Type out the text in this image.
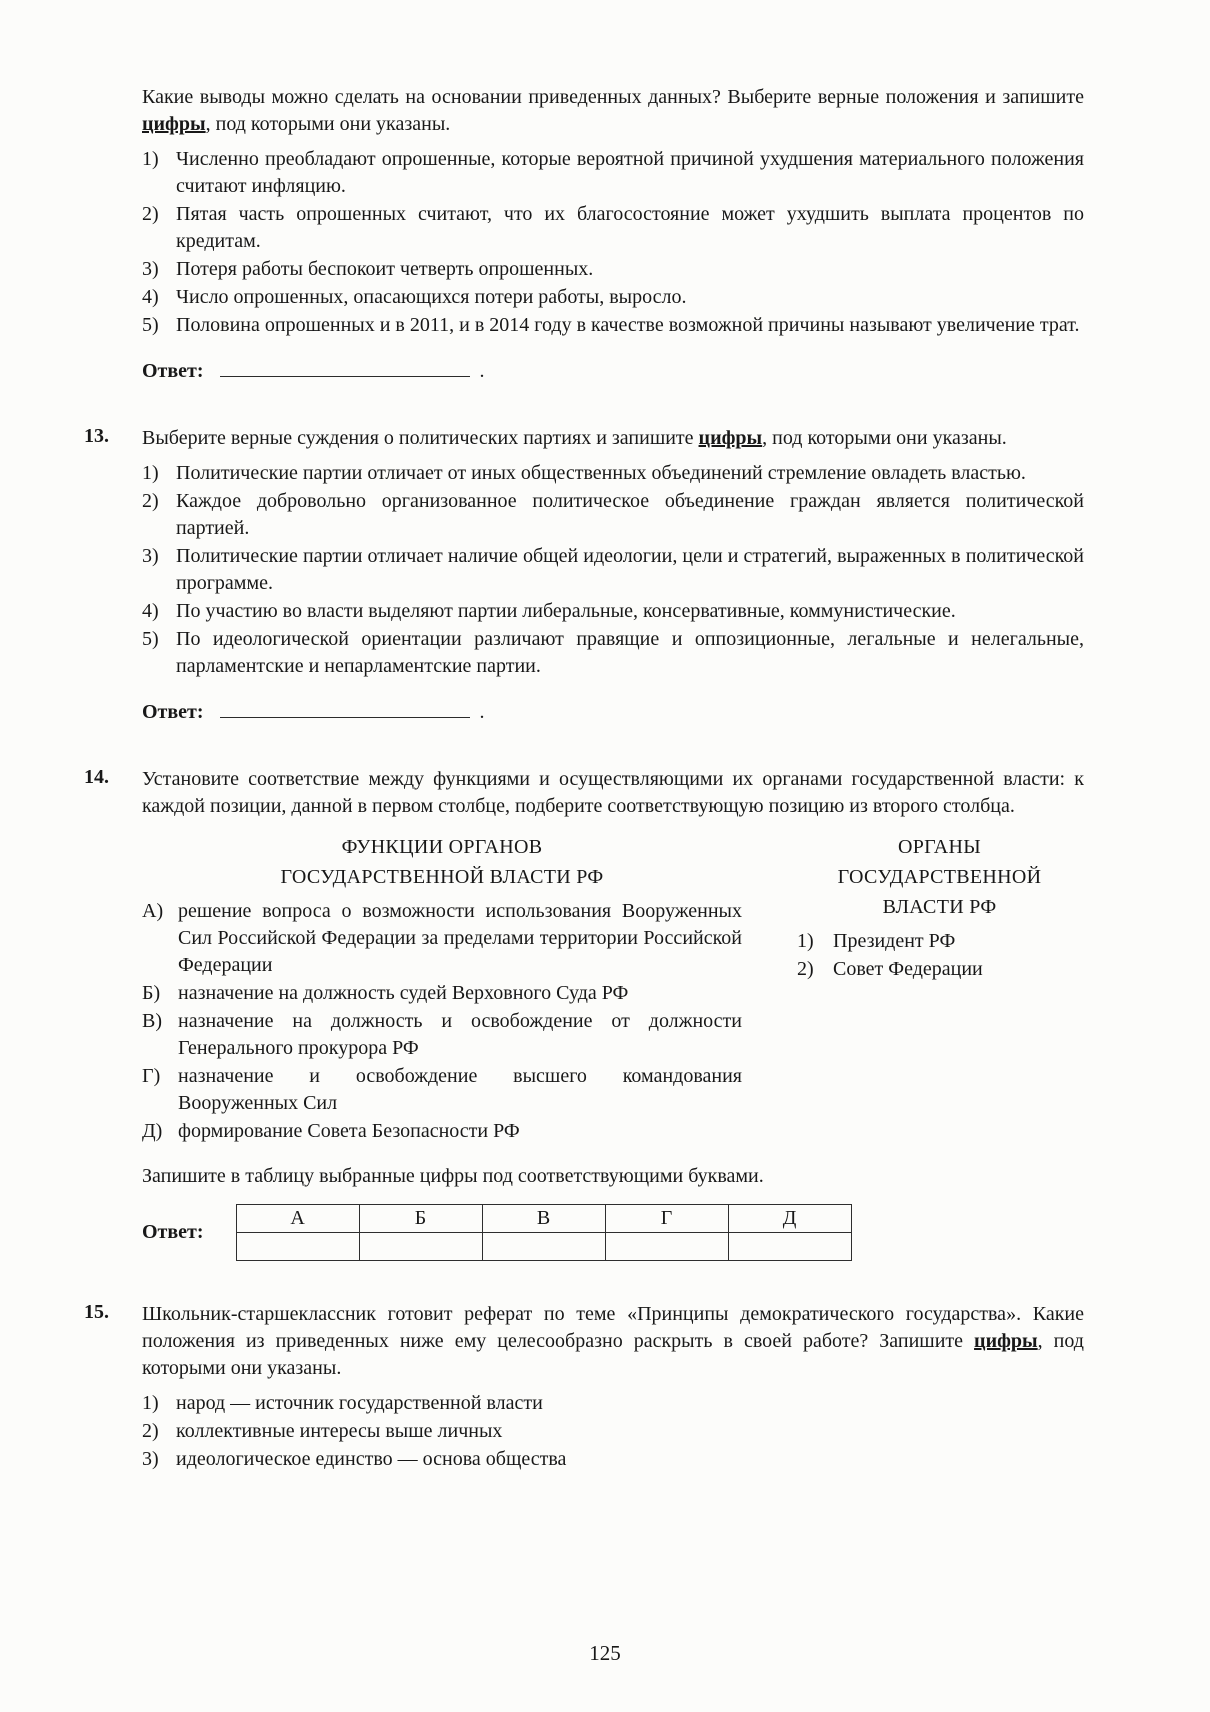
Какие выводы можно сделать на основании приведенных данных? Выберите верные положения и запишите цифры, под которыми они указаны.

1) Численно преобладают опрошенные, которые вероятной причиной ухудшения материального положения считают инфляцию.
2) Пятая часть опрошенных считают, что их благосостояние может ухудшить выплата процентов по кредитам.
3) Потеря работы беспокоит четверть опрошенных.
4) Число опрошенных, опасающихся потери работы, выросло.
5) Половина опрошенных и в 2011, и в 2014 году в качестве возможной причины называют увеличение трат.
Ответ:	.
13. Выберите верные суждения о политических партиях и запишите цифры, под которыми они указаны.

1) Политические партии отличает от иных общественных объединений стремление овладеть властью.
2) Каждое добровольно организованное политическое объединение граждан является политической партией.
3) Политические партии отличает наличие общей идеологии, цели и стратегий, выраженных в политической программе.
4) По участию во власти выделяют партии либеральные, консервативные, коммунистические.
5) По идеологической ориентации различают правящие и оппозиционные, легальные и нелегальные, парламентские и непарламентские партии.
Ответ:	.
14. Установите соответствие между функциями и осуществляющими их органами государственной власти: к каждой позиции, данной в первом столбце, подберите соответствующую позицию из второго столбца.

ФУНКЦИИ ОРГАНОВ
ГОСУДАРСТВЕННОЙ ВЛАСТИ РФ
А) решение вопроса о возможности использования Вооруженных Сил Российской Федерации за пределами территории Российской Федерации
Б) назначение на должность судей Верховного Суда РФ
В) назначение на должность и освобождение от должности Генерального прокурора РФ
Г) назначение и освобождение высшего командования Вооруженных Сил
Д) формирование Совета Безопасности РФ
ОРГАНЫ ГОСУДАРСТВЕННОЙ
ВЛАСТИ РФ
1) Президент РФ
2) Совет Федерации

Запишите в таблицу выбранные цифры под соответствующими буквами.

Ответ:
А	Б	В	Г	Д

15. Школьник-старшеклассник готовит реферат по теме «Принципы демократического государства». Какие положения из приведенных ниже ему целесообразно раскрыть в своей работе? Запишите цифры, под которыми они указаны.

1) народ — источник государственной власти
2) коллективные интересы выше личных
3) идеологическое единство — основа общества
125
